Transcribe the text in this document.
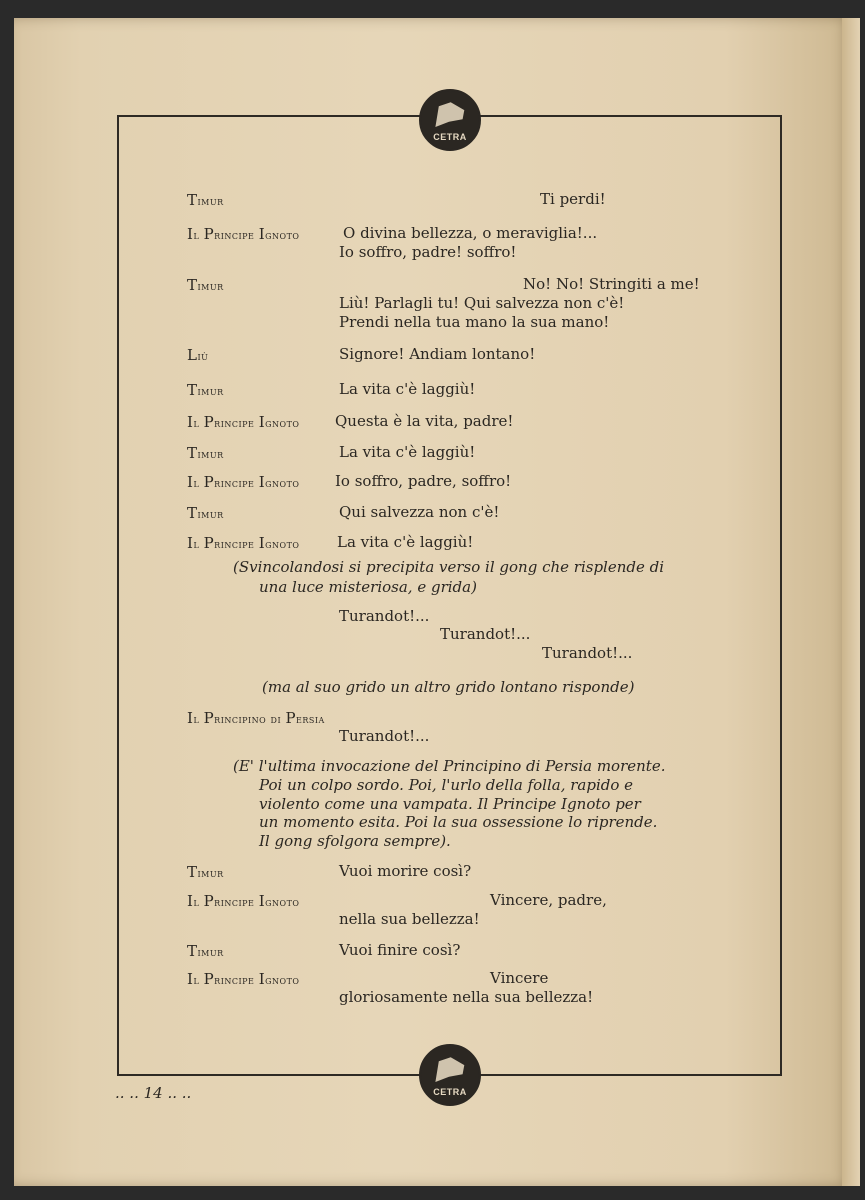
CETRA
CETRA
Timur
Il Principe Ignoto
Timur
Liù
Timur
Il Principe Ignoto
Timur
Il Principe Ignoto
Timur
Il Principe Ignoto
Il Principino di Persia
Timur
Il Principe Ignoto
Timur
Il Principe Ignoto
Ti perdi!
O divina bellezza, o meraviglia!...
Io soffro, padre! soffro!
No! No! Stringiti a me!
Liù! Parlagli tu! Qui salvezza non c'è!
Prendi nella tua mano la sua mano!
Signore! Andiam lontano!
La vita c'è laggiù!
Questa è la vita, padre!
La vita c'è laggiù!
Io soffro, padre, soffro!
Qui salvezza non c'è!
La vita c'è laggiù!
(Svincolandosi si precipita verso il gong che risplende di
una luce misteriosa, e grida)
Turandot!...
Turandot!...
Turandot!...
(ma al suo grido un altro grido lontano risponde)
Turandot!...
(E' l'ultima invocazione del Principino di Persia morente.
Poi un colpo sordo. Poi, l'urlo della folla, rapido e
violento come una vampata. Il Principe Ignoto per
un momento esita. Poi la sua ossessione lo riprende.
Il gong sfolgora sempre).
Vuoi morire così?
Vincere, padre,
nella sua bellezza!
Vuoi finire così?
Vincere
gloriosamente nella sua bellezza!
.. .. 14 .. ..
